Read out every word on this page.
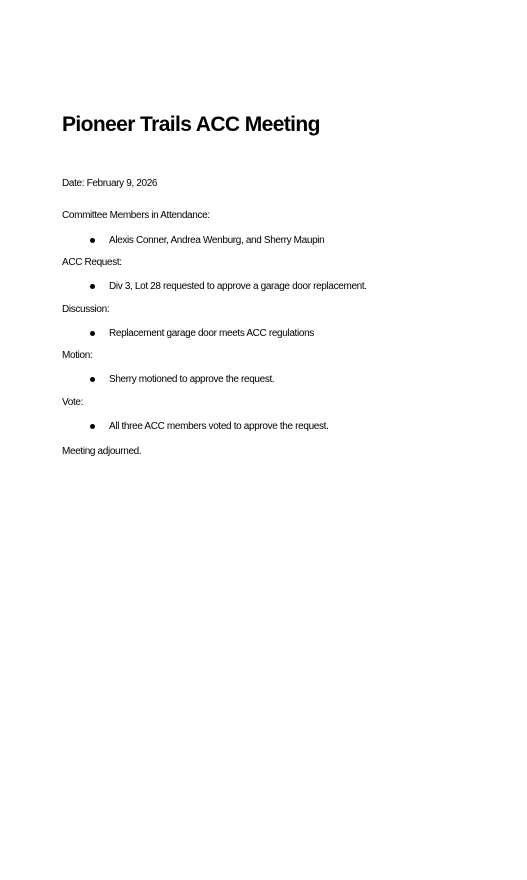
Pioneer Trails ACC Meeting
Date: February 9, 2026
Committee Members in Attendance:
Alexis Conner, Andrea Wenburg, and Sherry Maupin
ACC Request:
Div 3, Lot 28 requested to approve a garage door replacement.
Discussion:
Replacement garage door meets ACC regulations
Motion:
Sherry motioned to approve the request.
Vote:
All three ACC members voted to approve the request.
Meeting adjourned.
